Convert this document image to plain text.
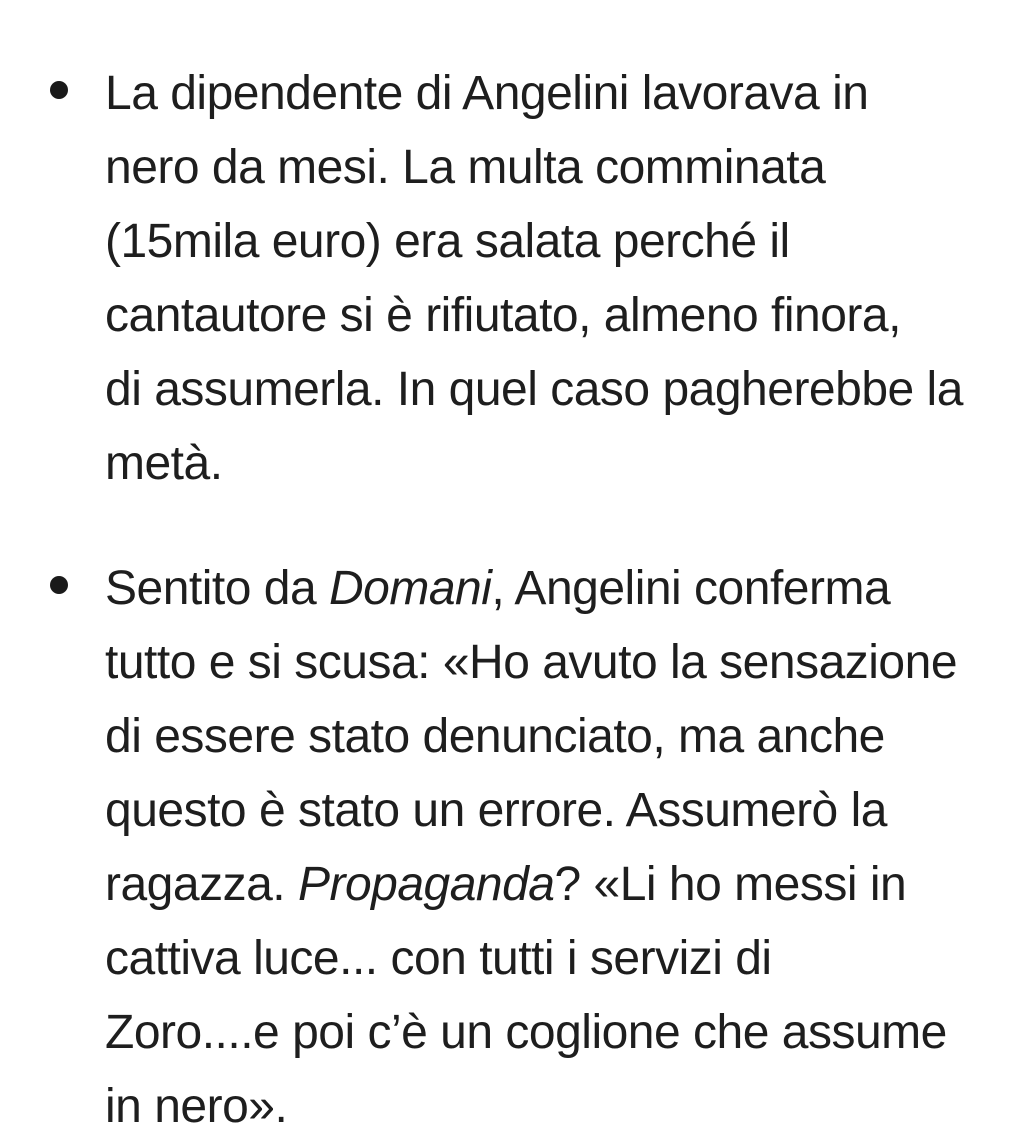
La dipendente di Angelini lavorava in
nero da mesi. La multa comminata
(15mila euro) era salata perché il
cantautore si è rifiutato, almeno finora,
di assumerla. In quel caso pagherebbe la
metà.
Sentito da Domani, Angelini conferma
tutto e si scusa: «Ho avuto la sensazione
di essere stato denunciato, ma anche
questo è stato un errore. Assumerò la
ragazza. Propaganda? «Li ho messi in
cattiva luce... con tutti i servizi di
Zoro....e poi c’è un coglione che assume
in nero».
